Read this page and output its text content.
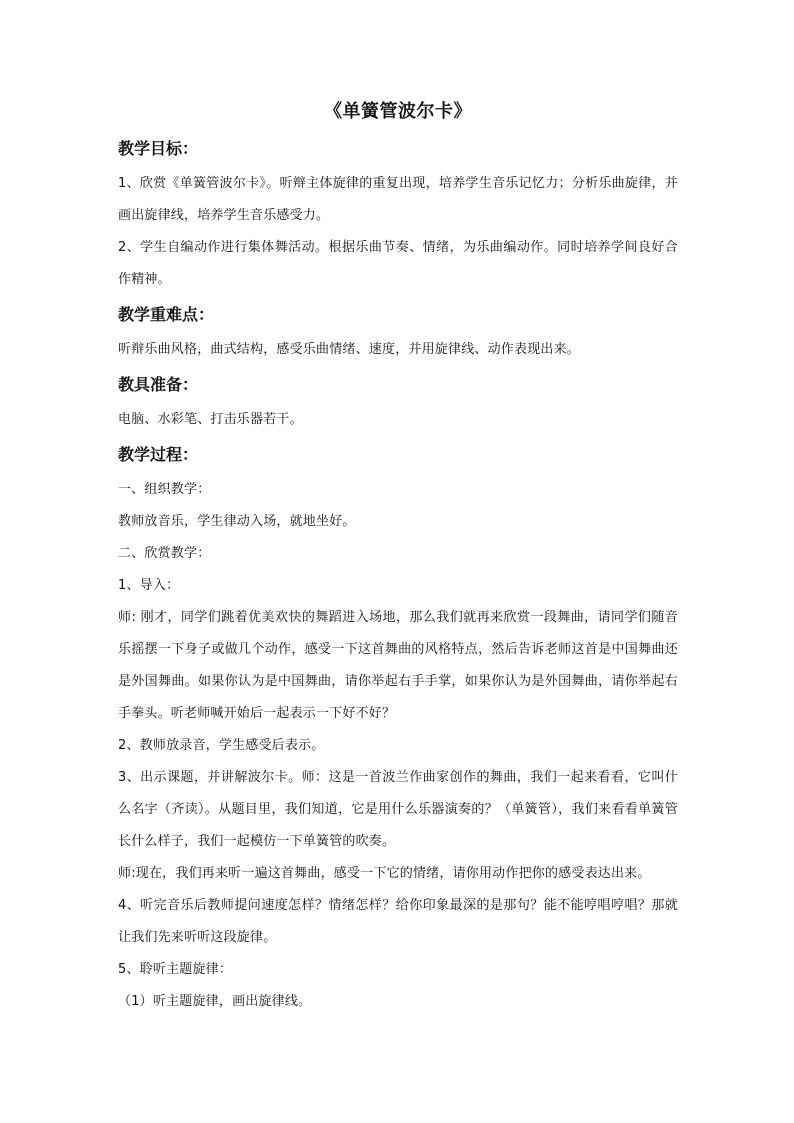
《单簧管波尔卡》
教学目标：

1、欣赏《单簧管波尔卡》。听辩主体旋律的重复出现，培养学生音乐记忆力；分析乐曲旋律，并画出旋律线，培养学生音乐感受力。

2、学生自编动作进行集体舞活动。根据乐曲节奏、情绪，为乐曲编动作。同时培养学间良好合作精神。

教学重难点：

听辩乐曲风格，曲式结构，感受乐曲情绪、速度，并用旋律线、动作表现出来。

教具准备：

电脑、水彩笔、打击乐器若干。

教学过程：

一、组织教学：

教师放音乐，学生律动入场，就地坐好。

二、欣赏教学：

1、导入：

师: 刚才，同学们跳着优美欢快的舞蹈进入场地，那么我们就再来欣赏一段舞曲，请同学们随音乐摇摆一下身子或做几个动作，感受一下这首舞曲的风格特点，然后告诉老师这首是中国舞曲还是外国舞曲。如果你认为是中国舞曲，请你举起右手手掌，如果你认为是外国舞曲，请你举起右手拳头。听老师喊开始后一起表示一下好不好？

2、教师放录音，学生感受后表示。

3、出示课题，并讲解波尔卡。师：这是一首波兰作曲家创作的舞曲，我们一起来看看，它叫什么名字（齐读）。从题目里，我们知道，它是用什么乐器演奏的？（单簧管），我们来看看单簧管长什么样子，我们一起模仿一下单簧管的吹奏。

师:现在，我们再来听一遍这首舞曲，感受一下它的情绪，请你用动作把你的感受表达出来。

4、听完音乐后教师提问速度怎样？情绪怎样？给你印象最深的是那句？能不能哼唱哼唱？那就让我们先来听听这段旋律。

5、聆听主题旋律：

（1）听主题旋律，画出旋律线。
